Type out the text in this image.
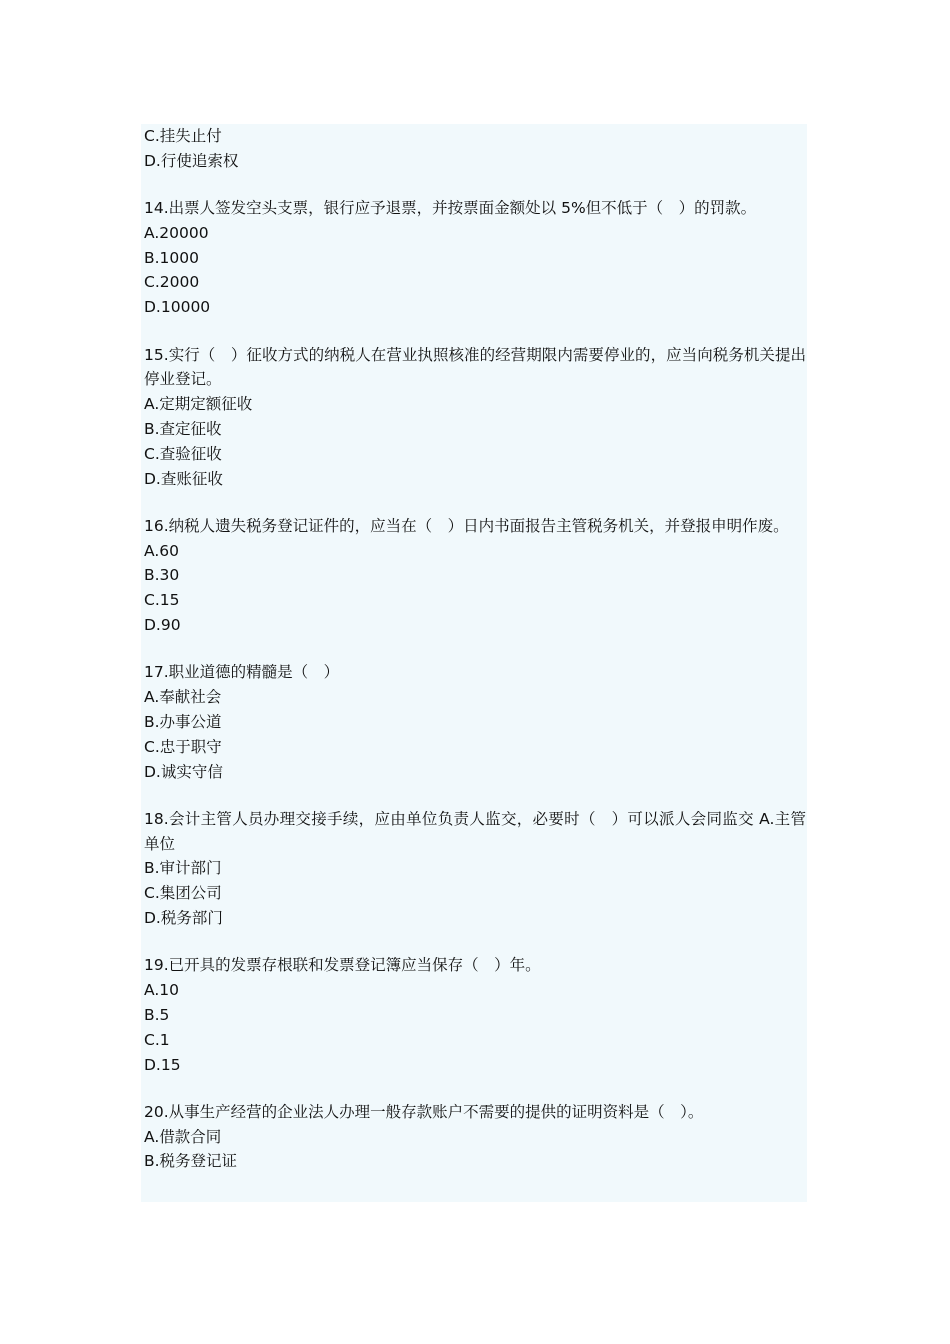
C.挂失止付

D.行使追索权

14.出票人签发空头支票，银行应予退票，并按票面金额处以 5%但不低于（　）的罚款。

A.20000

B.1000

C.2000

D.10000

15.实行（　）征收方式的纳税人在营业执照核准的经营期限内需要停业的，应当向税务机关提出停业登记。

A.定期定额征收

B.查定征收

C.查验征收

D.查账征收

16.纳税人遗失税务登记证件的，应当在（　）日内书面报告主管税务机关，并登报申明作废。

A.60

B.30

C.15

D.90

17.职业道德的精髓是（　）

A.奉献社会

B.办事公道

C.忠于职守

D.诚实守信

18.会计主管人员办理交接手续，应由单位负责人监交，必要时（　）可以派人会同监交 A.主管单位

B.审计部门

C.集团公司

D.税务部门

19.已开具的发票存根联和发票登记簿应当保存（　）年。

A.10

B.5

C.1

D.15

20.从事生产经营的企业法人办理一般存款账户不需要的提供的证明资料是（　）。

A.借款合同

B.税务登记证
